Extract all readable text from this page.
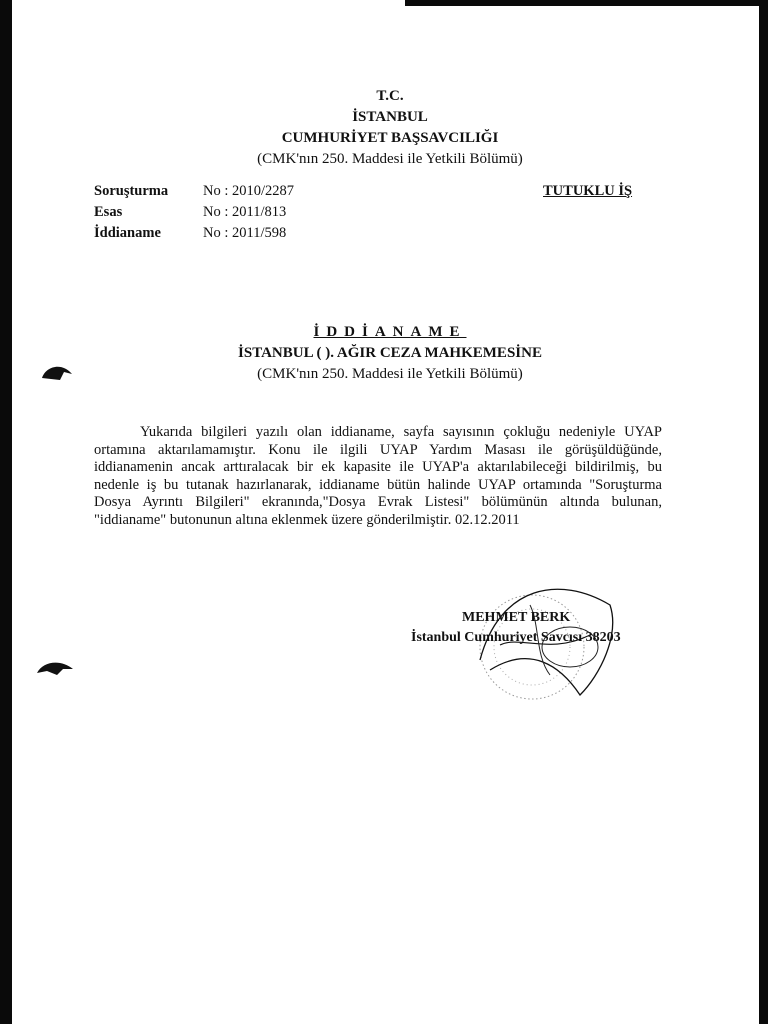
T.C.
İSTANBUL
CUMHURİYET BAŞSAVCILIĞI
(CMK'nın 250. Maddesi ile Yetkili Bölümü)
Soruşturma	No : 2010/2287
Esas	No : 2011/813
İddianame	No : 2011/598
TUTUKLU İŞ
İDDİANAME
İSTANBUL ( ). AĞIR CEZA MAHKEMESİNE
(CMK'nın 250. Maddesi ile Yetkili Bölümü)
Yukarıda bilgileri yazılı olan iddianame, sayfa sayısının çokluğu nedeniyle UYAP ortamına aktarılamamıştır. Konu ile ilgili UYAP Yardım Masası ile görüşüldüğünde, iddianamenin ancak arttıralacak bir ek kapasite ile UYAP'a aktarılabileceği bildirilmiş, bu nedenle iş bu tutanak hazırlanarak, iddianame bütün halinde UYAP ortamında "Soruşturma Dosya Ayrıntı Bilgileri" ekranında,"Dosya Evrak Listesi" bölümünün altında bulunan, "iddianame" butonunun altına eklenmek üzere gönderilmiştir. 02.12.2011
MEHMET BERK
İstanbul Cumhuriyet Savcısı 38203
